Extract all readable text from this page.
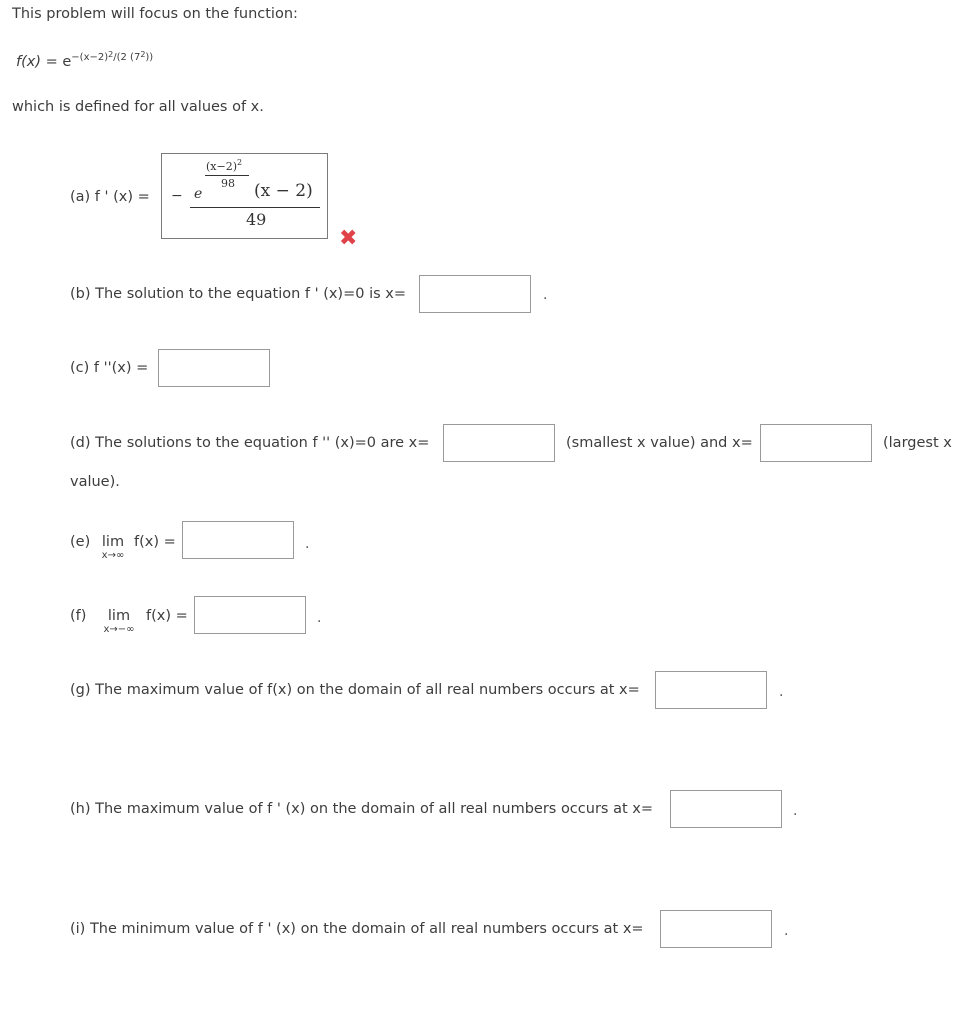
This problem will focus on the function:
$f(x) = e^{-(x-2)^2/(2 (7^2))}$
which is defined for all values of x.
(a) f ' (x) = − e
$(x-2)^2$
98 (x − 2)
49
✖
(b) The solution to the equation f ' (x)=0 is x=	.
(c) f ''(x) =
(d) The solutions to the equation f '' (x)=0 are x=	(smallest x value) and x=	(largest x
value).
(e) lim
x→∞
f(x) =	.
(f)	lim
x→−∞
f(x) =	.
(g) The maximum value of f(x) on the domain of all real numbers occurs at x=	.
(h) The maximum value of f ' (x) on the domain of all real numbers occurs at x=	.
(i) The minimum value of f ' (x) on the domain of all real numbers occurs at x=	.
